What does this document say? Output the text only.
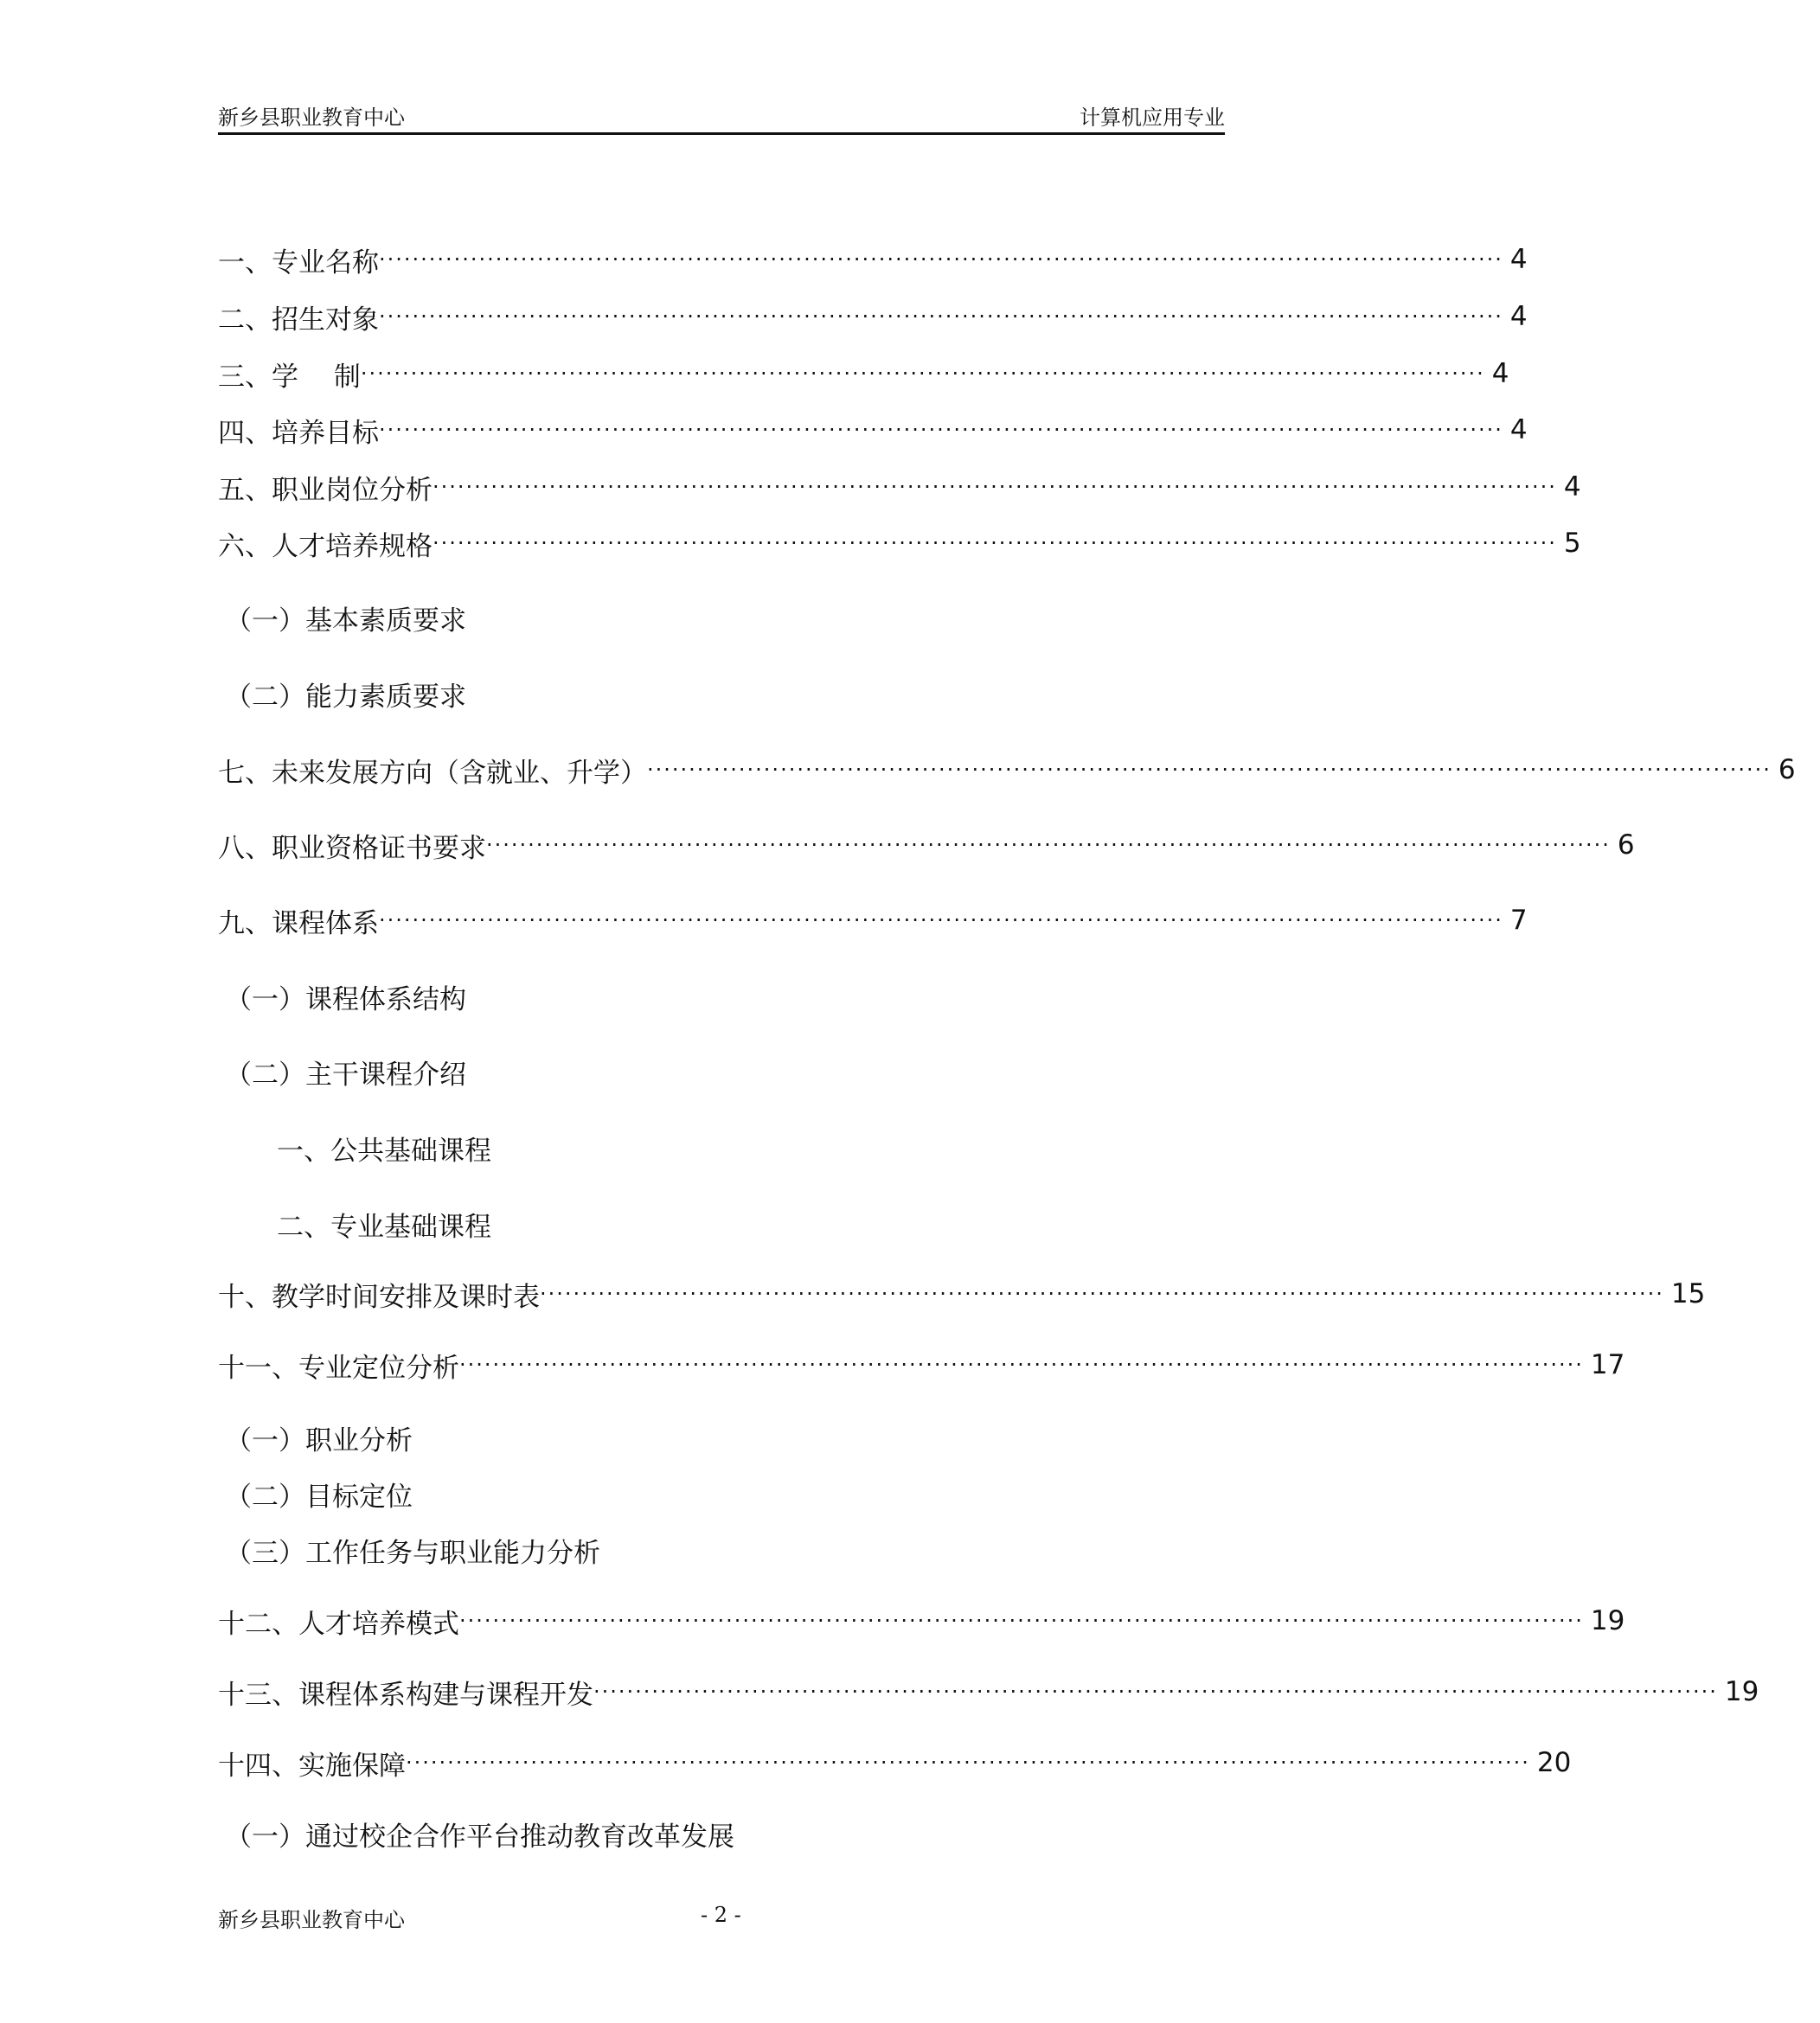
新乡县职业教育中心	计算机应用专业
一、专业名称 ······································································································································· 4
二、招生对象 ······································································································································· 4
三、学　 制 ······································································································································· 4
四、培养目标 ······································································································································· 4
五、职业岗位分析 ······································································································································· 4
六、人才培养规格 ······································································································································· 5
（一）基本素质要求
（二）能力素质要求
七、未来发展方向（含就业、升学） ······································································································································· 6
八、职业资格证书要求 ······································································································································· 6
九、课程体系 ······································································································································· 7
（一）课程体系结构
（二）主干课程介绍
一、公共基础课程
二、专业基础课程
十、教学时间安排及课时表 ······································································································································· 15
十一、专业定位分析 ······································································································································· 17
（一）职业分析
（二）目标定位
（三）工作任务与职业能力分析
十二、人才培养模式 ······································································································································· 19
十三、课程体系构建与课程开发 ······································································································································· 19
十四、实施保障 ······································································································································· 20
（一）通过校企合作平台推动教育改革发展
新乡县职业教育中心	- 2 -
